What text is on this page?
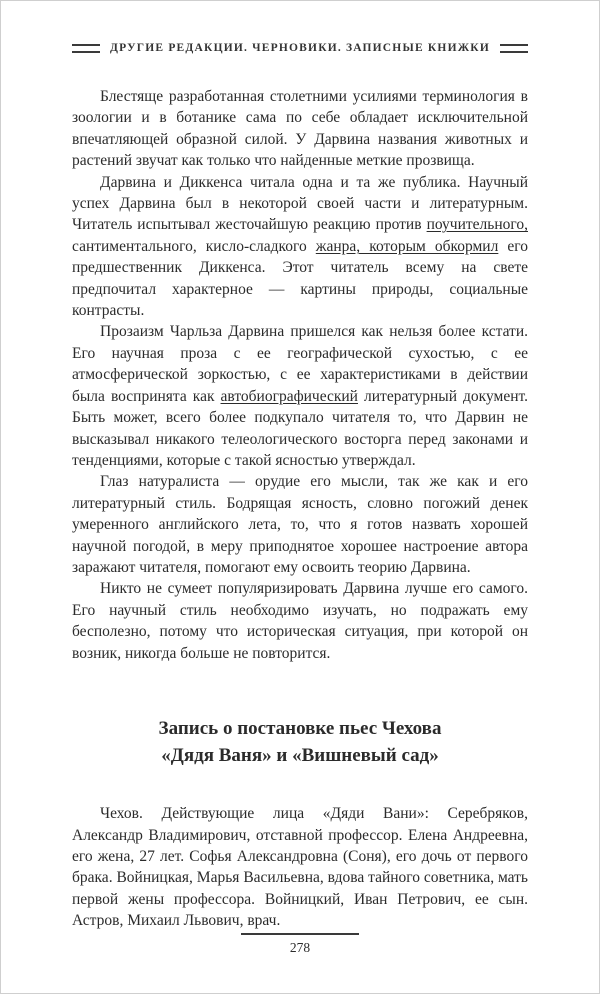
ДРУГИЕ РЕДАКЦИИ. ЧЕРНОВИКИ. ЗАПИСНЫЕ КНИЖКИ

Блестяще разработанная столетними усилиями терминология в зоологии и в ботанике сама по себе обладает исключительной впечатляющей образной силой. У Дарвина названия животных и растений звучат как только что найденные меткие прозвища.

Дарвина и Диккенса читала одна и та же публика. Научный успех Дарвина был в некоторой своей части и литературным. Читатель испытывал жесточайшую реакцию против поучительного, сантиментального, кисло-сладкого жанра, которым обкормил его предшественник Диккенса. Этот читатель всему на свете предпочитал характерное — картины природы, социальные контрасты.

Прозаизм Чарльза Дарвина пришелся как нельзя более кстати. Его научная проза с ее географической сухостью, с ее атмосферической зоркостью, с ее характеристиками в действии была воспринята как автобиографический литературный документ. Быть может, всего более подкупало читателя то, что Дарвин не высказывал никакого телеологического восторга перед законами и тенденциями, которые с такой ясностью утверждал.

Глаз натуралиста — орудие его мысли, так же как и его литературный стиль. Бодрящая ясность, словно погожий денек умеренного английского лета, то, что я готов назвать хорошей научной погодой, в меру приподнятое хорошее настроение автора заражают читателя, помогают ему освоить теорию Дарвина.

Никто не сумеет популяризировать Дарвина лучше его самого. Его научный стиль необходимо изучать, но подражать ему бесполезно, потому что историческая ситуация, при которой он возник, никогда больше не повторится.

Запись о постановке пьес Чехова
«Дядя Ваня» и «Вишневый сад»

Чехов. Действующие лица «Дяди Вани»: Серебряков, Александр Владимирович, отставной профессор. Елена Андреевна, его жена, 27 лет. Софья Александровна (Соня), его дочь от первого брака. Войницкая, Марья Васильевна, вдова тайного советника, мать первой жены профессора. Войницкий, Иван Петрович, ее сын. Астров, Михаил Львович, врач.

278
